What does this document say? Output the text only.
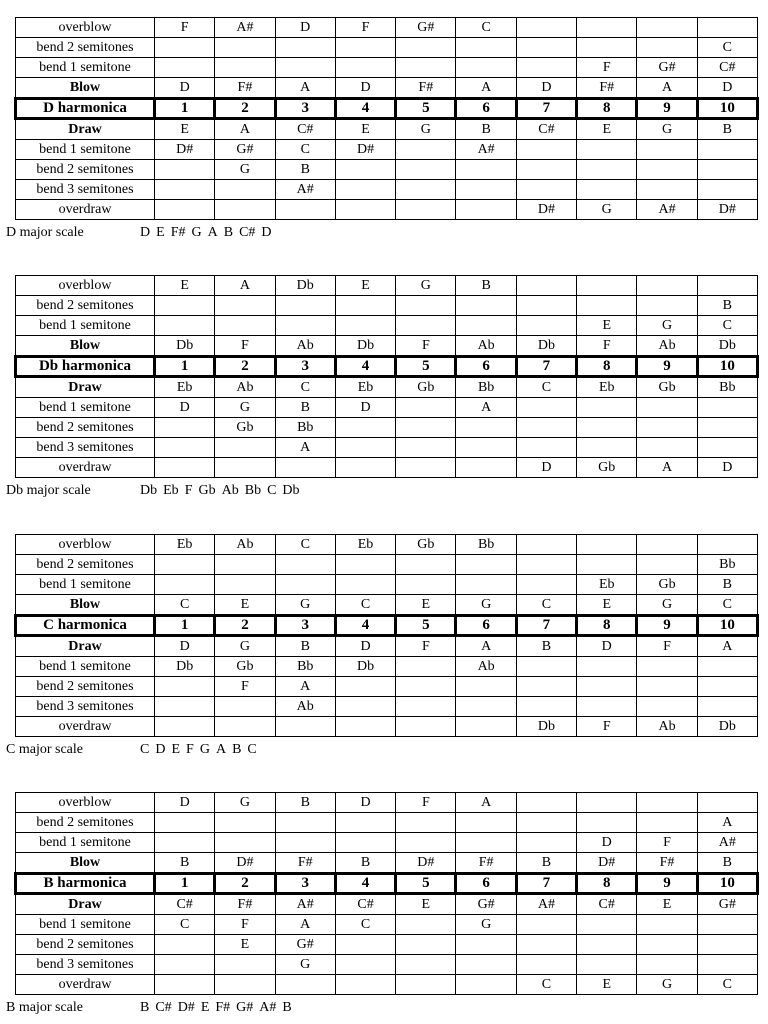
overblow	F	A#	D	F	G#	C				
bend 2 semitones										C
bend 1 semitone								F	G#	C#
Blow	D	F#	A	D	F#	A	D	F#	A	D
D harmonica	1	2	3	4	5	6	7	8	9	10
Draw	E	A	C#	E	G	B	C#	E	G	B
bend 1 semitone	D#	G#	C	D#		A#				
bend 2 semitones		G	B							
bend 3 semitones			A#							
overdraw							D#	G	A#	D#
D major scale	D E F# G A B C# D
overblow	E	A	Db	E	G	B				
bend 2 semitones										B
bend 1 semitone								E	G	C
Blow	Db	F	Ab	Db	F	Ab	Db	F	Ab	Db
Db harmonica	1	2	3	4	5	6	7	8	9	10
Draw	Eb	Ab	C	Eb	Gb	Bb	C	Eb	Gb	Bb
bend 1 semitone	D	G	B	D		A				
bend 2 semitones		Gb	Bb							
bend 3 semitones			A							
overdraw							D	Gb	A	D
Db major scale	Db Eb F Gb Ab Bb C Db
overblow	Eb	Ab	C	Eb	Gb	Bb				
bend 2 semitones										Bb
bend 1 semitone								Eb	Gb	B
Blow	C	E	G	C	E	G	C	E	G	C
C harmonica	1	2	3	4	5	6	7	8	9	10
Draw	D	G	B	D	F	A	B	D	F	A
bend 1 semitone	Db	Gb	Bb	Db		Ab				
bend 2 semitones		F	A							
bend 3 semitones			Ab							
overdraw							Db	F	Ab	Db
C major scale	C D E F G A B C
overblow	D	G	B	D	F	A				
bend 2 semitones										A
bend 1 semitone								D	F	A#
Blow	B	D#	F#	B	D#	F#	B	D#	F#	B
B harmonica	1	2	3	4	5	6	7	8	9	10
Draw	C#	F#	A#	C#	E	G#	A#	C#	E	G#
bend 1 semitone	C	F	A	C		G				
bend 2 semitones		E	G#							
bend 3 semitones			G							
overdraw							C	E	G	C
B major scale	B C# D# E F# G# A# B
